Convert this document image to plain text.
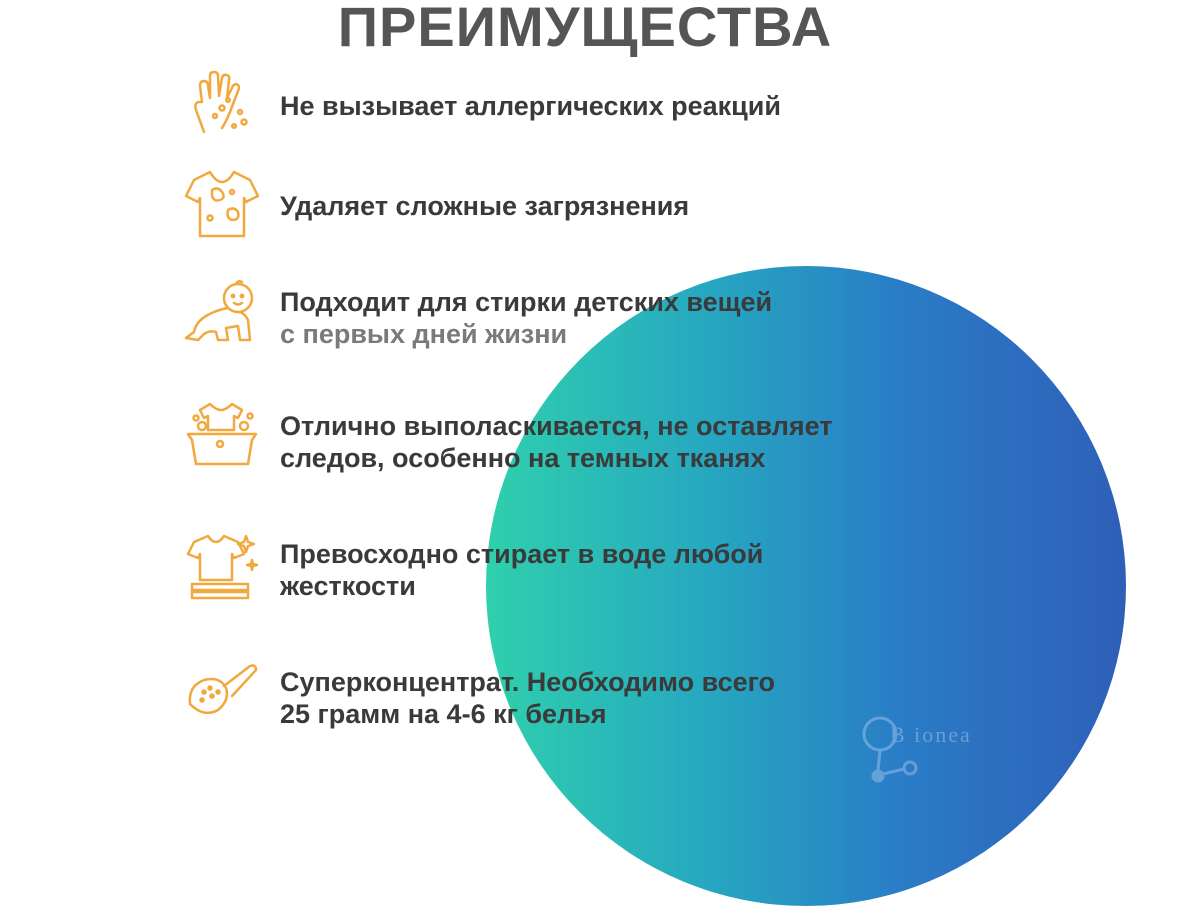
ПРЕИМУЩЕСТВА
Не вызывает аллергических реакций
Удаляет сложные загрязнения
Подходит для стирки детских вещей
с первых дней жизни
Отлично выполаскивается, не оставляет
следов, особенно на темных тканях
Превосходно стирает в воде любой
жесткости
Суперконцентрат. Необходимо всего
25 грамм на 4-6 кг белья
B ionea
